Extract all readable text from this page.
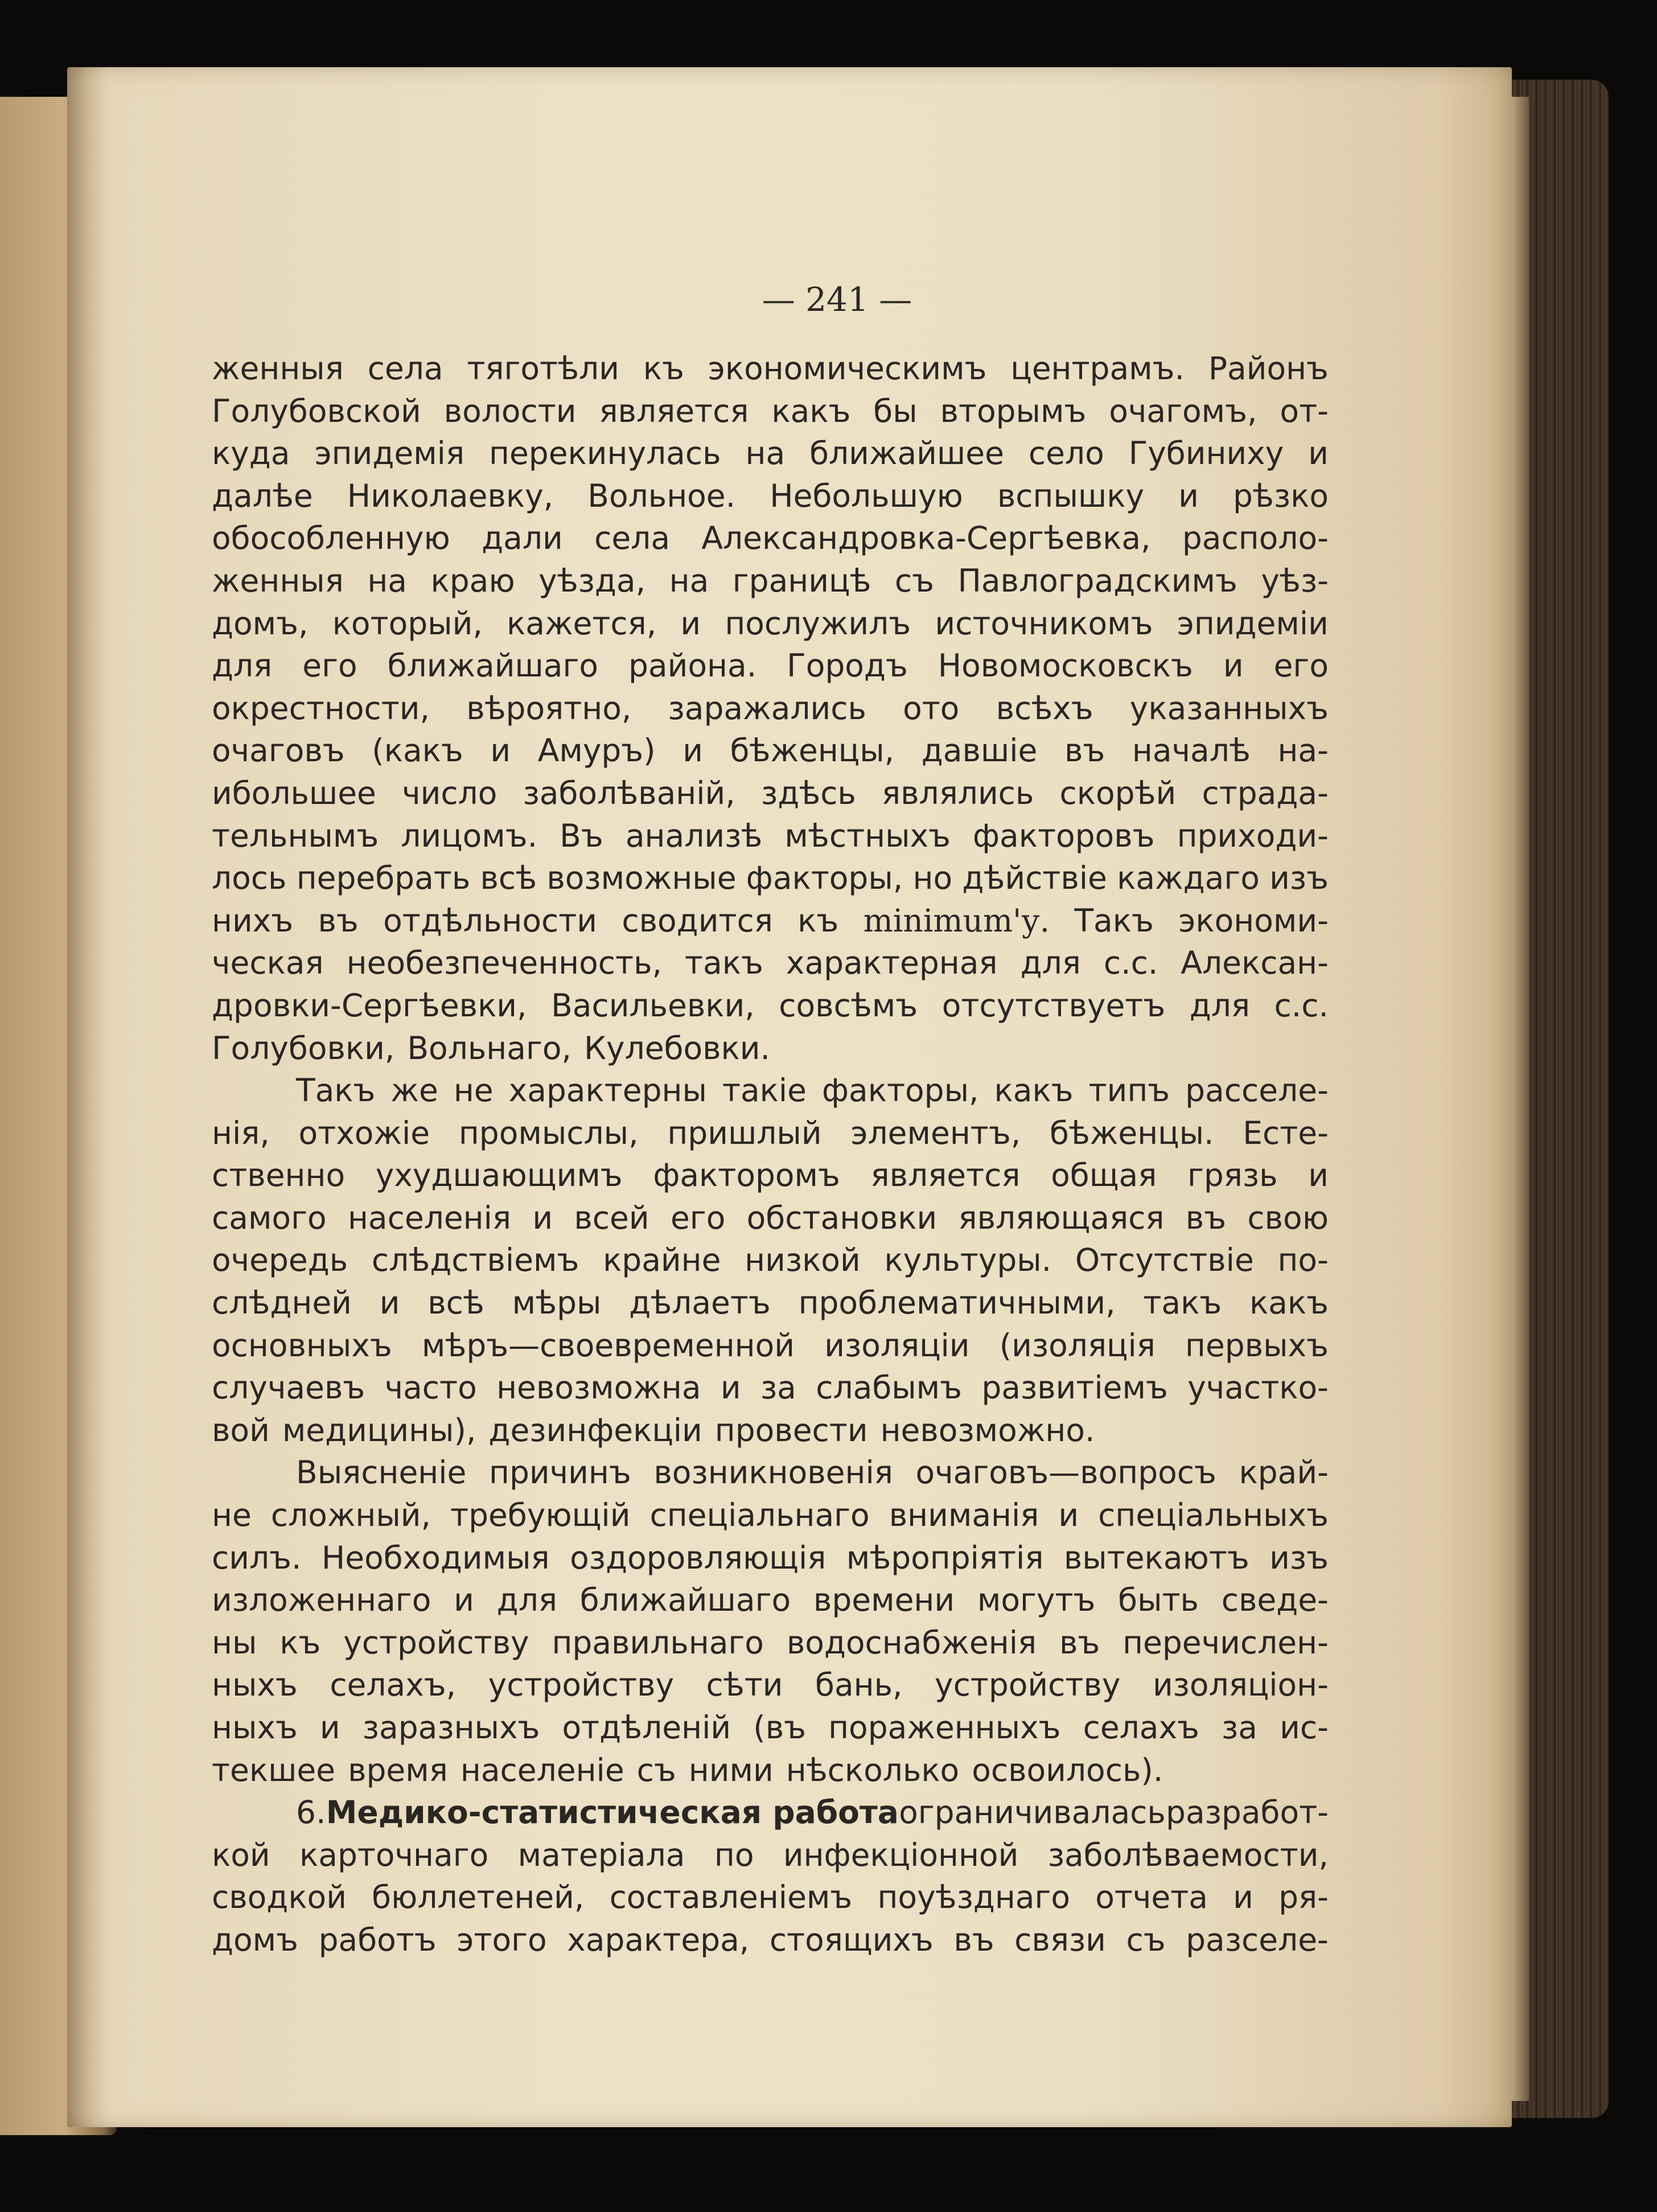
— 241 —
женныя села тяготѣли къ экономическимъ центрамъ. Районъ
Голубовской волости является какъ бы вторымъ очагомъ, от-
куда эпидемія перекинулась на ближайшее село Губиниху и
далѣе Николаевку, Вольное. Небольшую вспышку и рѣзко
обособленную дали села Александровка-Сергѣевка, располо-
женныя на краю уѣзда, на границѣ съ Павлоградскимъ уѣз-
домъ, который, кажется, и послужилъ источникомъ эпидеміи
для его ближайшаго района. Городъ Новомосковскъ и его
окрестности, вѣроятно, заражались ото всѣхъ указанныхъ
очаговъ (какъ и Амуръ) и бѣженцы, давшіе въ началѣ на-
ибольшее число заболѣваній, здѣсь являлись скорѣй страда-
тельнымъ лицомъ. Въ анализѣ мѣстныхъ факторовъ приходи-
лось перебрать всѣ возможные факторы, но дѣйствіе каждаго изъ
нихъ въ отдѣльности сводится къ minimum'у. Такъ экономи-
ческая необезпеченность, такъ характерная для с.с. Алексан-
дровки-Сергѣевки, Васильевки, совсѣмъ отсутствуетъ для с.с.
Голубовки, Вольнаго, Кулебовки.
Такъ же не характерны такіе факторы, какъ типъ расселе-
нія, отхожіе промыслы, пришлый элементъ, бѣженцы. Есте-
ственно ухудшающимъ факторомъ является общая грязь и
самого населенія и всей его обстановки являющаяся въ свою
очередь слѣдствіемъ крайне низкой культуры. Отсутствіе по-
слѣдней и всѣ мѣры дѣлаетъ проблематичными, такъ какъ
основныхъ мѣръ—своевременной изоляціи (изоляція первыхъ
случаевъ часто невозможна и за слабымъ развитіемъ участко-
вой медицины), дезинфекціи провести невозможно.
Выясненіе причинъ возникновенія очаговъ—вопросъ край-
не сложный, требующій спеціальнаго вниманія и спеціальныхъ
силъ. Необходимыя оздоровляющія мѣропріятія вытекаютъ изъ
изложеннаго и для ближайшаго времени могутъ быть сведе-
ны къ устройству правильнаго водоснабженія въ перечислен-
ныхъ селахъ, устройству сѣти бань, устройству изоляціон-
ныхъ и заразныхъ отдѣленій (въ пораженныхъ селахъ за ис-
текшее время населеніе съ ними нѣсколько освоилось).
6. Медико-статистическая работа ограничивалась разработ-
кой карточнаго матеріала по инфекціонной заболѣваемости,
сводкой бюллетеней, составленіемъ поуѣзднаго отчета и ря-
домъ работъ этого характера, стоящихъ въ связи съ разселе-
